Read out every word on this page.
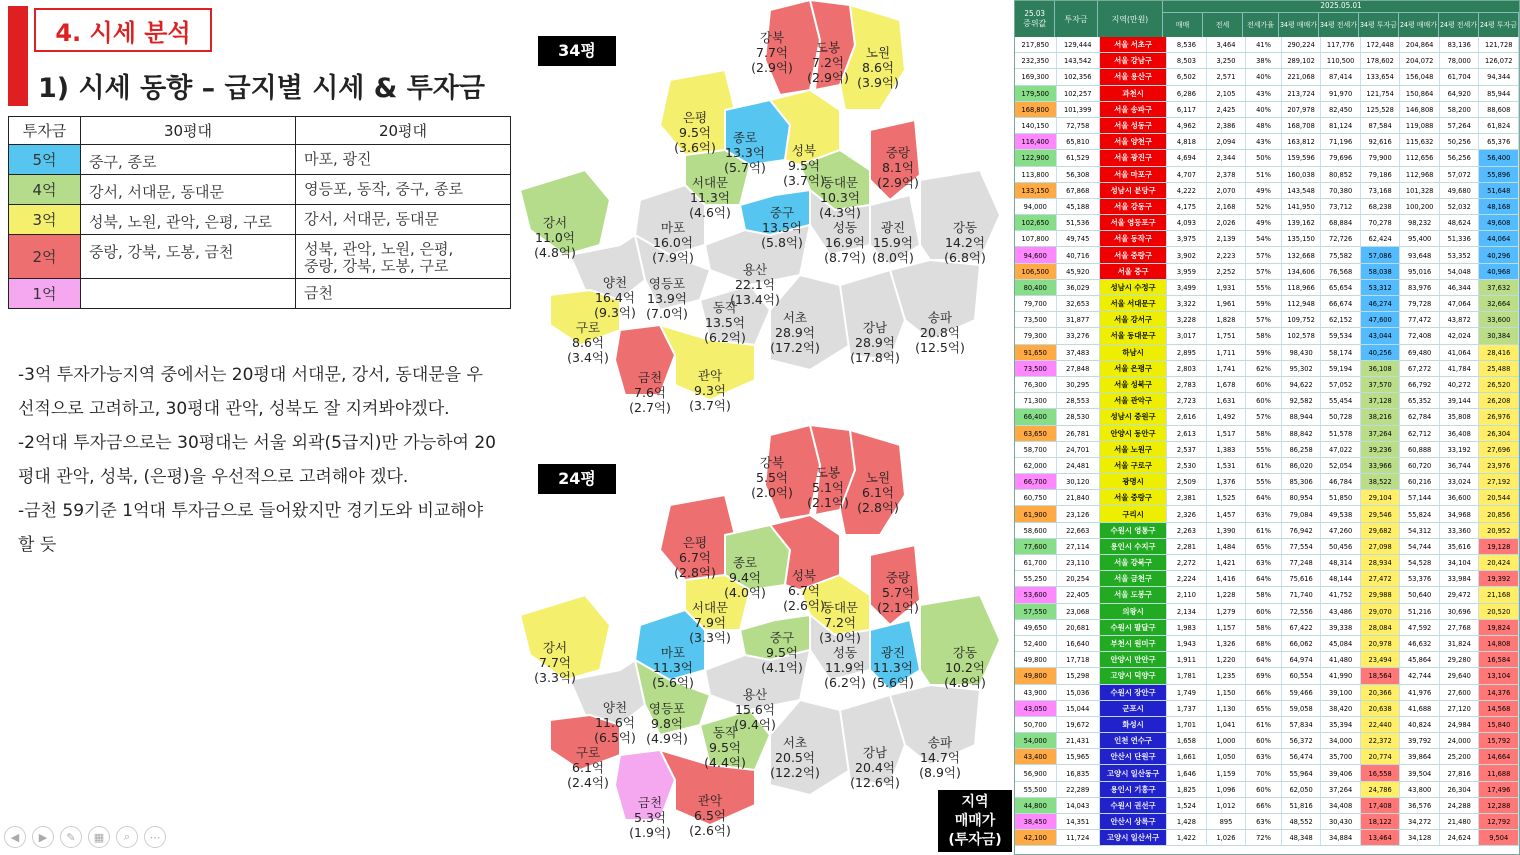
4. 시세 분석
1) 시세 동향 – 급지별 시세 & 투자금
투자금	30평대	20평대
5억	중구, 종로	마포, 광진
4억	강서, 서대문, 동대문	영등포, 동작, 중구, 종로
3억	성북, 노원, 관악, 은평, 구로	강서, 서대문, 동대문
2억	중랑, 강북, 도봉, 금천	성북, 관악, 노원, 은평,
중랑, 강북, 도봉, 구로
1억		금천

-3억 투자가능지역 중에서는 20평대 서대문, 강서, 동대문을 우선적으로 고려하고, 30평대 관악, 성북도 잘 지켜봐야겠다.

-2억대 투자금으로는 30평대는 서울 외곽(5급지)만 가능하여 20평대 관악, 성북, (은평)을 우선적으로 고려해야 겠다.

-금천 59기준 1억대 투자금으로 들어왔지만 경기도와 비교해야 할 듯

34평
강북
7.7억
(2.9억)
도봉
7.2억
(2.9억)
노원
8.6억
(3.9억)
은평
9.5억
(3.6억)
종로
13.3억
(5.7억)
성북
9.5억
(3.7억)
중랑
8.1억
(2.9억)
서대문
11.3억
(4.6억)
동대문
10.3억
(4.3억)
강서
11.0억
(4.8억)
마포
16.0억
(7.9억)
중구
13.5억
(5.8억)
성동
16.9억
(8.7억)
광진
15.9억
(8.0억)
강동
14.2억
(6.8억)
용산
22.1억
(13.4억)
양천
16.4억
(9.3억)
영등포
13.9억
(7.0억)	동작
13.5억
(6.2억)
서초
28.9억
(17.2억)
강남
28.9억
(17.8억)
송파
20.8억
(12.5억)
구로
8.6억
(3.4억)
금천
7.6억
(2.7억)
관악
9.3억
(3.7억)
24평
강북
5.5억
(2.0억)
도봉
5.1억
(2.1억)
노원
6.1억
(2.8억)
은평
6.7억
(2.8억)
종로
9.4억
(4.0억)
성북
6.7억
(2.6억)
중랑
5.7억
(2.1억)
서대문
7.9억
(3.3억)
동대문
7.2억
(3.0억)
강서
7.7억
(3.3억)
마포
11.3억
(5.6억)
중구
9.5억
(4.1억)
성동
11.9억
(6.2억)
광진
11.3억
(5.6억)
강동
10.2억
(4.8억)
용산
15.6억
(9.4억)
양천
11.6억
(6.5억)
영등포
9.8억
(4.9억)	동작
9.5억
(4.4억)
서초
20.5억
(12.2억)
강남
20.4억
(12.6억)
송파
14.7억
(8.9억)
구로
6.1억
(2.4억)
금천
5.3억
(1.9억)
관악
6.5억
(2.6억)
지역
매매가
(투자금)
25.03
증위값	투자금	지역(만원)
2025.05.01
매매	전세	전세가율 34평 매매가 34평 전세가 34평 투자금 24평 매매가 24평 전세가 24평 투자금
217,850	129,444	서울 서초구	8,536	3,464	41%	290,224	117,776	172,448	204,864	83,136	121,728
232,350	143,542	서울 강남구	8,503	3,250	38%	289,102	110,500	178,602	204,072	78,000	126,072
169,300	102,356	서울 용산구	6,502	2,571	40%	221,068	87,414	133,654	156,048	61,704	94,344
179,500	102,257	과천시	6,286	2,105	43%	213,724	91,970	121,754	150,864	64,920	85,944
168,800	101,399	서울 송파구	6,117	2,425	40%	207,978	82,450	125,528	146,808	58,200	88,608
140,150	72,758	서울 성동구	4,962	2,386	48%	168,708	81,124	87,584	119,088	57,264	61,824
116,400	65,810	서울 양천구	4,818	2,094	43%	163,812	71,196	92,616	115,632	50,256	65,376
122,900	61,529	서울 광진구	4,694	2,344	50%	159,596	79,696	79,900	112,656	56,256	56,400
113,800	56,308	서울 마포구	4,707	2,378	51%	160,038	80,852	79,186	112,968	57,072	55,896
133,150	67,868	성남시 분당구	4,222	2,070	49%	143,548	70,380	73,168	101,328	49,680	51,648
94,000	45,188	서울 강동구	4,175	2,168	52%	141,950	73,712	68,238	100,200	52,032	48,168
102,650	51,536	서울 영등포구	4,093	2,026	49%	139,162	68,884	70,278	98,232	48,624	49,608
107,800	49,745	서울 동작구	3,975	2,139	54%	135,150	72,726	62,424	95,400	51,336	44,064
94,600	40,716	서울 중랑구	3,902	2,223	57%	132,668	75,582	57,086	93,648	53,352	40,296
106,500	45,920	서울 중구	3,959	2,252	57%	134,606	76,568	58,038	95,016	54,048	40,968
80,400	36,029	성남시 수정구	3,499	1,931	55%	118,966	65,654	53,312	83,976	46,344	37,632
79,700	32,653	서울 서대문구	3,322	1,961	59%	112,948	66,674	46,274	79,728	47,064	32,664
73,500	31,877	서울 강서구	3,228	1,828	57%	109,752	62,152	47,600	77,472	43,872	33,600
79,300	33,276	서울 동대문구	3,017	1,751	58%	102,578	59,534	43,044	72,408	42,024	30,384
91,650	37,483	하남시	2,895	1,711	59%	98,430	58,174	40,256	69,480	41,064	28,416
73,500	27,848	서울 은평구	2,803	1,741	62%	95,302	59,194	36,108	67,272	41,784	25,488
76,300	30,295	서울 성북구	2,783	1,678	60%	94,622	57,052	37,570	66,792	40,272	26,520
71,300	28,553	서울 관악구	2,723	1,631	60%	92,582	55,454	37,128	65,352	39,144	26,208
66,400	28,530	성남시 중원구	2,616	1,492	57%	88,944	50,728	38,216	62,784	35,808	26,976
63,650	26,781	안양시 동안구	2,613	1,517	58%	88,842	51,578	37,264	62,712	36,408	26,304
58,700	24,701	서울 노원구	2,537	1,383	55%	86,258	47,022	39,236	60,888	33,192	27,696
62,000	24,481	서울 구로구	2,530	1,531	61%	86,020	52,054	33,966	60,720	36,744	23,976
66,700	30,120	광명시	2,509	1,376	55%	85,306	46,784	38,522	60,216	33,024	27,192
60,750	21,840	서울 중랑구	2,381	1,525	64%	80,954	51,850	29,104	57,144	36,600	20,544
61,900	23,126	구리시	2,326	1,457	63%	79,084	49,538	29,546	55,824	34,968	20,856
58,600	22,663	수원시 영통구	2,263	1,390	61%	76,942	47,260	29,682	54,312	33,360	20,952
77,600	27,114	용인시 수지구	2,281	1,484	65%	77,554	50,456	27,098	54,744	35,616	19,128
61,700	23,110	서울 강북구	2,272	1,421	63%	77,248	48,314	28,934	54,528	34,104	20,424
55,250	20,254	서울 금천구	2,224	1,416	64%	75,616	48,144	27,472	53,376	33,984	19,392
53,600	22,405	서울 도봉구	2,110	1,228	58%	71,740	41,752	29,988	50,640	29,472	21,168
57,550	23,068	의왕시	2,134	1,279	60%	72,556	43,486	29,070	51,216	30,696	20,520
49,650	20,681	수원시 팔달구	1,983	1,157	58%	67,422	39,338	28,084	47,592	27,768	19,824
52,400	16,640	부천시 원미구	1,943	1,326	68%	66,062	45,084	20,978	46,632	31,824	14,808
49,800	17,718	안양시 만안구	1,911	1,220	64%	64,974	41,480	23,494	45,864	29,280	16,584
49,800	15,298	고양시 덕양구	1,781	1,235	69%	60,554	41,990	18,564	42,744	29,640	13,104
43,900	15,036	수원시 장안구	1,749	1,150	66%	59,466	39,100	20,366	41,976	27,600	14,376
43,050	15,044	군포시	1,737	1,130	65%	59,058	38,420	20,638	41,688	27,120	14,568
50,700	19,672	화성시	1,701	1,041	61%	57,834	35,394	22,440	40,824	24,984	15,840
54,000	21,431	인천 연수구	1,658	1,000	60%	56,372	34,000	22,372	39,792	24,000	15,792
43,400	15,965	안산시 단원구	1,661	1,050	63%	56,474	35,700	20,774	39,864	25,200	14,664
56,900	16,835	고양시 일산동구	1,646	1,159	70%	55,964	39,406	16,558	39,504	27,816	11,688
55,500	22,289	용인시 기흥구	1,825	1,096	60%	62,050	37,264	24,786	43,800	26,304	17,496
44,800	14,043	수원시 권선구	1,524	1,012	66%	51,816	34,408	17,408	36,576	24,288	12,288
38,450	14,351	안산시 상록구	1,428	895	63%	48,552	30,430	18,122	34,272	21,480	12,792
42,100	11,724	고양시 일산서구	1,422	1,026	72%	48,348	34,884	13,464	34,128	24,624	9,504
◀	▶	✎	▦	⌕	⋯
